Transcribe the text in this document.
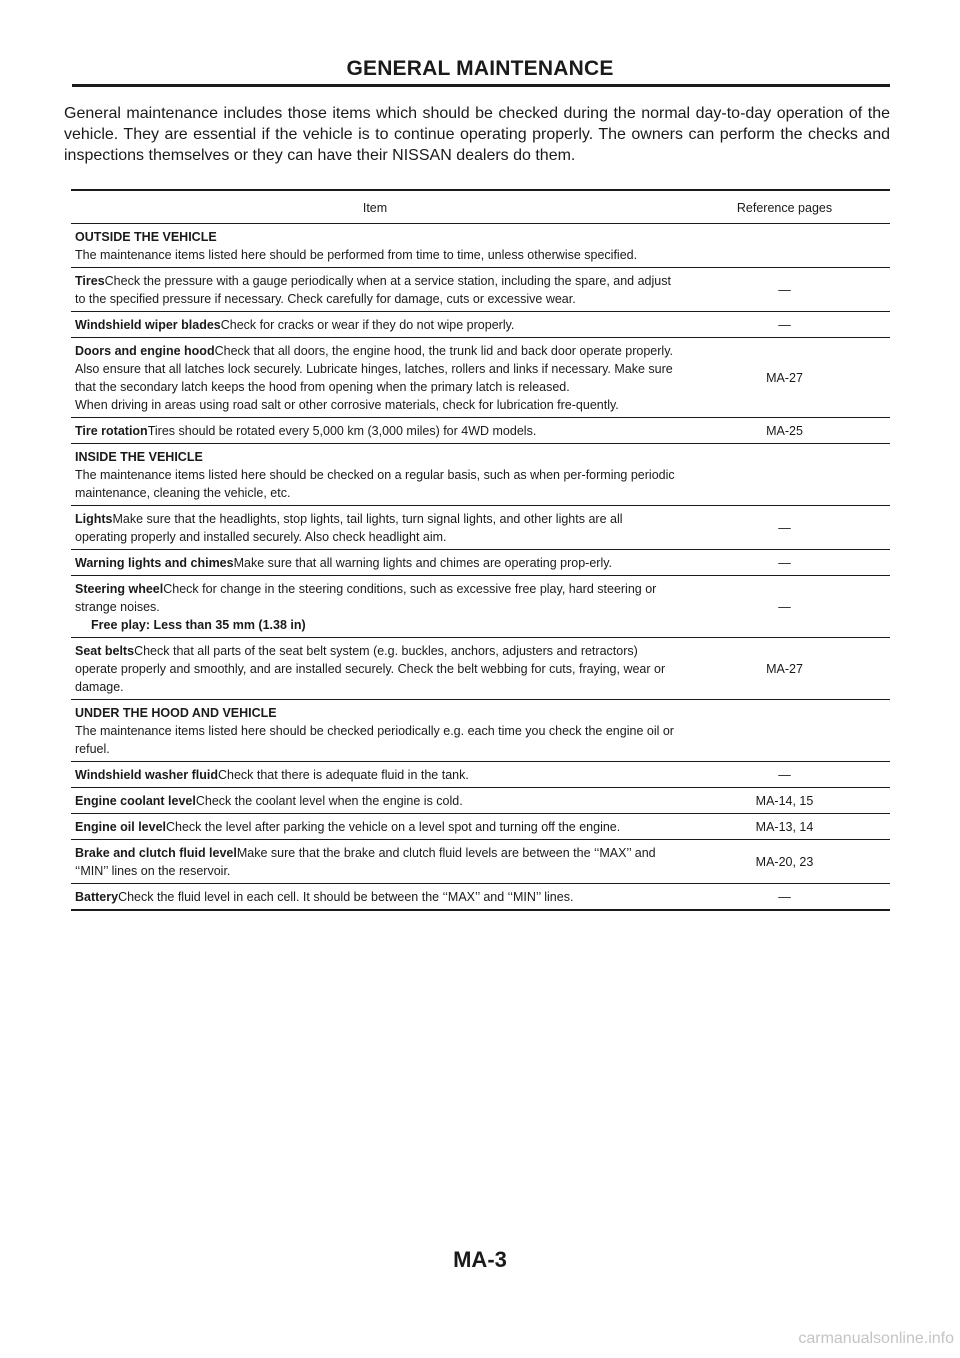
GENERAL MAINTENANCE

General maintenance includes those items which should be checked during the normal day-to-day operation of the vehicle. They are essential if the vehicle is to continue operating properly. The owners can perform the checks and inspections themselves or they can have their NISSAN dealers do them.

Item	Reference pages
OUTSIDE THE VEHICLE
The maintenance items listed here should be performed from time to time, unless otherwise specified.	
TiresCheck the pressure with a gauge periodically when at a service station, including the spare, and adjust to the specified pressure if necessary. Check carefully for damage, cuts or excessive wear.	—
Windshield wiper bladesCheck for cracks or wear if they do not wipe properly.	—
Doors and engine hoodCheck that all doors, the engine hood, the trunk lid and back door operate properly. Also ensure that all latches lock securely. Lubricate hinges, latches, rollers and links if necessary. Make sure that the secondary latch keeps the hood from opening when the primary latch is released.
When driving in areas using road salt or other corrosive materials, check for lubrication fre-quently.	MA-27
Tire rotationTires should be rotated every 5,000 km (3,000 miles) for 4WD models.	MA-25
INSIDE THE VEHICLE
The maintenance items listed here should be checked on a regular basis, such as when per-forming periodic maintenance, cleaning the vehicle, etc.	
LightsMake sure that the headlights, stop lights, tail lights, turn signal lights, and other lights are all operating properly and installed securely. Also check headlight aim.	—
Warning lights and chimesMake sure that all warning lights and chimes are operating prop-erly.	—
Steering wheelCheck for change in the steering conditions, such as excessive free play, hard steering or strange noises.
Free play: Less than 35 mm (1.38 in)	—
Seat beltsCheck that all parts of the seat belt system (e.g. buckles, anchors, adjusters and retractors) operate properly and smoothly, and are installed securely. Check the belt webbing for cuts, fraying, wear or damage.	MA-27
UNDER THE HOOD AND VEHICLE
The maintenance items listed here should be checked periodically e.g. each time you check the engine oil or refuel.	
Windshield washer fluidCheck that there is adequate fluid in the tank.	—
Engine coolant levelCheck the coolant level when the engine is cold.	MA-14, 15
Engine oil levelCheck the level after parking the vehicle on a level spot and turning off the engine.	MA-13, 14
Brake and clutch fluid levelMake sure that the brake and clutch fluid levels are between the ‘‘MAX’’ and ‘‘MIN’’ lines on the reservoir.	MA-20, 23
BatteryCheck the fluid level in each cell. It should be between the ‘‘MAX’’ and ‘‘MIN’’ lines.	—
MA-3
carmanualsonline.info
